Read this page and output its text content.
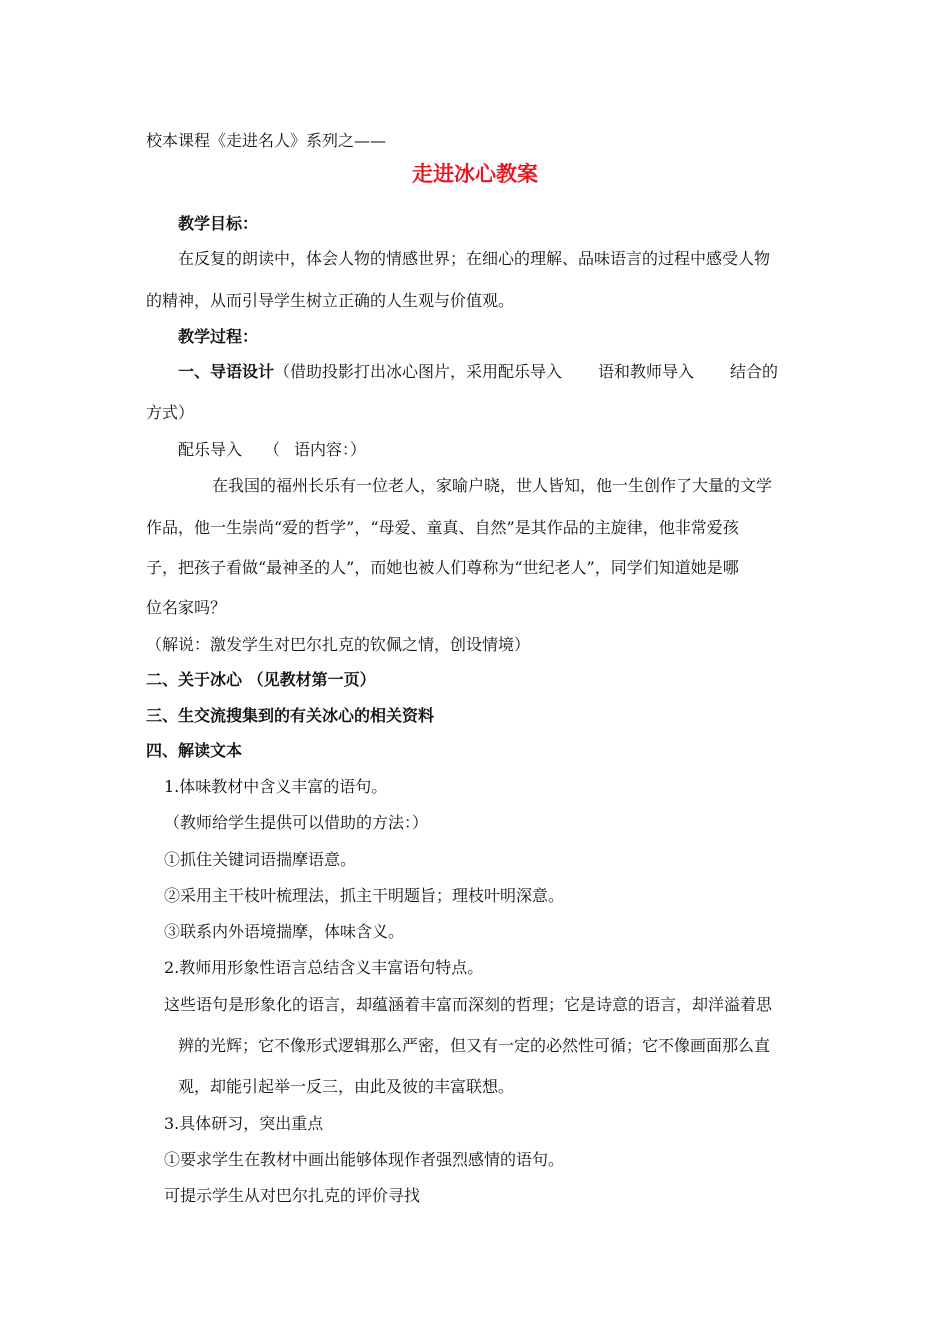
校本课程《走进名人》系列之——
走进冰心教案
教学目标：
在反复的朗读中，体会人物的情感世界；在细心的理解、品味语言的过程中感受人物
的精神，从而引导学生树立正确的人生观与价值观。
教学过程：
一、导语设计（借助投影打出冰心图片，采用配乐导入 语和教师导入 结合的
方式）
配乐导入 （ 语内容：）
在我国的福州长乐有一位老人，家喻户晓，世人皆知，他一生创作了大量的文学
作品，他一生崇尚“爱的哲学”，“母爱、童真、自然”是其作品的主旋律，他非常爱孩
子，把孩子看做“最神圣的人”，而她也被人们尊称为“世纪老人”，同学们知道她是哪
位名家吗？
（解说：激发学生对巴尔扎克的钦佩之情，创设情境）
二、关于冰心 （见教材第一页）
三、生交流搜集到的有关冰心的相关资料
四、解读文本
1.体味教材中含义丰富的语句。
（教师给学生提供可以借助的方法：）
①抓住关键词语揣摩语意。
②采用主干枝叶梳理法，抓主干明题旨；理枝叶明深意。
③联系内外语境揣摩，体味含义。
2.教师用形象性语言总结含义丰富语句特点。
这些语句是形象化的语言，却蕴涵着丰富而深刻的哲理；它是诗意的语言，却洋溢着思
辨的光辉；它不像形式逻辑那么严密，但又有一定的必然性可循；它不像画面那么直
观，却能引起举一反三，由此及彼的丰富联想。
3.具体研习，突出重点
①要求学生在教材中画出能够体现作者强烈感情的语句。
可提示学生从对巴尔扎克的评价寻找
